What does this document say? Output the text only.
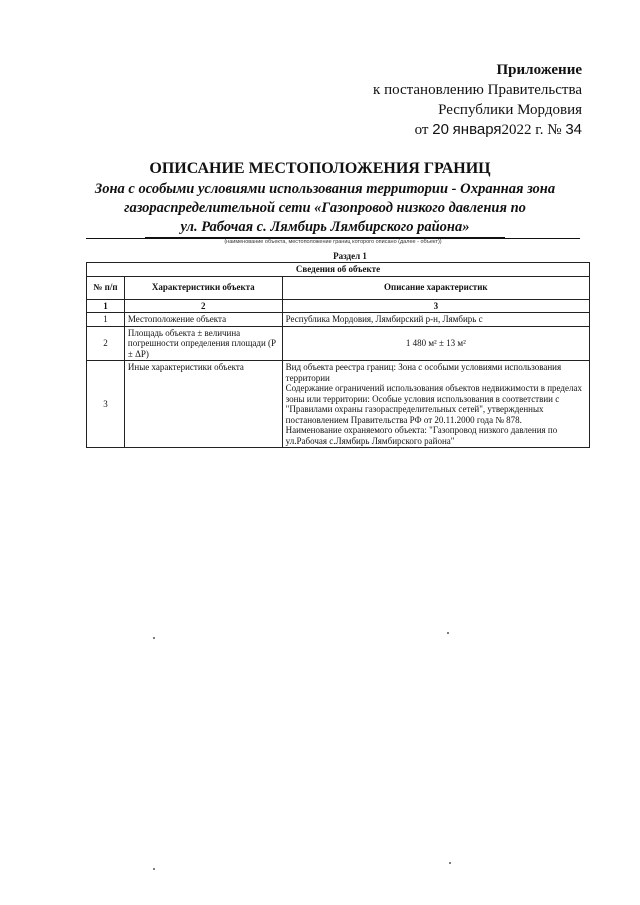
Приложение
к постановлению Правительства
Республики Мордовия
от 20 января2022 г. № 34
ОПИСАНИЕ МЕСТОПОЛОЖЕНИЯ ГРАНИЦ
Зона с особыми условиями использования территории - Охранная зона
газораспределительной сети «Газопровод низкого давления по
ул. Рабочая с. Лямбирь Лямбирского района»
(наименование объекта, местоположение границ которого описано (далее - объект))
Раздел 1
Сведения об объекте		
№ п/п	Характеристики объекта	Описание характеристик
1	2	3
1	Местоположение объекта	Республика Мордовия, Лямбирский р-н, Лямбирь с
2	Площадь объекта ± величина погрешности определения площади (P ± ΔP)	1 480 м² ± 13 м²
3	Иные характеристики объекта	Вид объекта реестра границ: Зона с особыми условиями использования территории
Содержание ограничений использования объектов недвижимости в пределах зоны или территории: Особые условия использования в соответствии с "Правилами охраны газораспределительных сетей", утвержденных постановлением Правительства РФ от 20.11.2000 года № 878.
Наименование охраняемого объекта: "Газопровод низкого давления по ул.Рабочая с.Лямбирь Лямбирского района"
